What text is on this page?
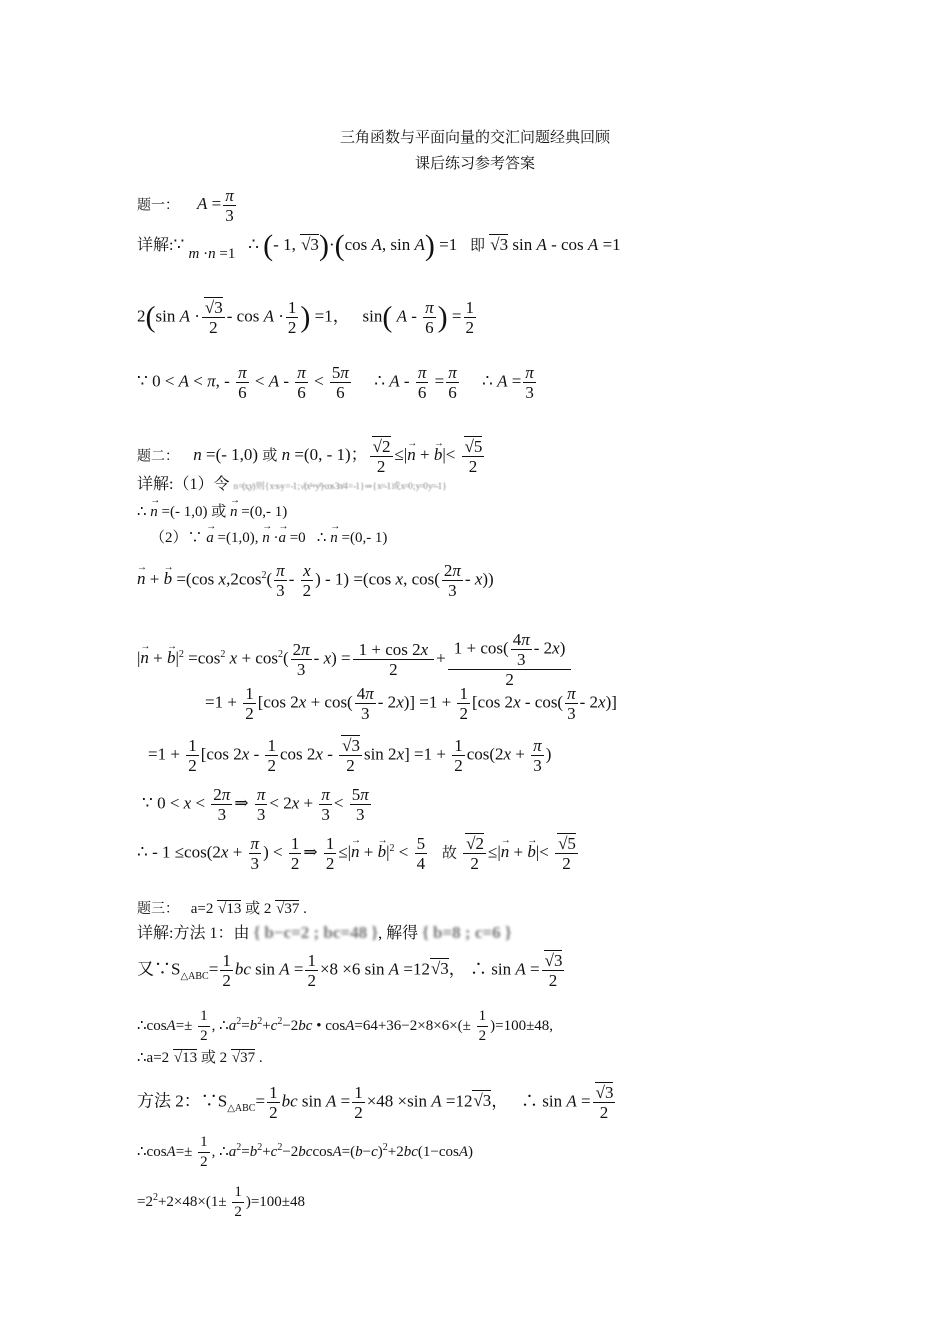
三角函数与平面向量的交汇问题经典回顾
课后练习参考答案
题一： $A = \frac{\pi}{3}$
详解:∵ m ·n =1   ∴ (- 1, √3)·(cos A, sin A) =1   即 √3 sin A - cos A =1
2(sin $A \cdot \frac{√3}{2} - \cos A \cdot \frac{1}{2}$ ) =1，   sin( A - $\frac{\pi}{6}$ ) = $\frac{1}{2}$
∵ 0 < A < π, - $\frac{\pi}{6} < A - \frac{\pi}{6} < \frac{5\pi}{6}$ ∴ $A - \frac{\pi}{6} = \frac{\pi}{6}$ ∴ $A = \frac{\pi}{3}$
题二： n =(- 1,0) 或 n =(0, - 1)； $\frac{√2}{2}$ ≤|→ n + → $b|< \frac{√5}{2}$
详解:（1）令 n =(x,y) 则 { x·x-y = -1 ; √(x²+y²)·cos 3π/4 = -1 } ⇒ { x=-1 或 x=0 ; y=0 y=-1 }
∴ → n =(- 1,0) 或 → n =(0,- 1)
（2）∵ → a =(1,0), → n ·→ a =0   ∴ → n =(0,- 1)
→ n + → b =(cos $x,2\cos^2( \frac{\pi}{3} - \frac{x}{2}$ ) - 1) =(cos x, $\cos( \frac{2\pi}{3} - x)$)
|→ n + → $b|^2 =\cos^2$ $x + \cos^2( \frac{2\pi}{3} - x) = \frac{1 + \cos 2x}{2} + \frac{1 + \cos( \frac{4\pi}{3} - 2x)}{2}$
$=1 + \frac{1}{2} [\cos$ $2x + \cos( \frac{4\pi}{3} - 2x)] =1 + \frac{1}{2} [\cos$ $2x - \cos( \frac{\pi}{3} - 2x)$]
$=1 + \frac{1}{2} [\cos$ $2x - \frac{1}{2}$ $\cos 2x - \frac{√3}{2}$ $\sin 2x] =1 + \frac{1}{2} \cos(2x + \frac{\pi}{3}$ )
∵ $0 < x < \frac{2\pi}{3}$ ⇒ $\frac{\pi}{3} < 2x + \frac{\pi}{3} < \frac{5\pi}{3}$
∴ - $1 \le\cos(2x + \frac{\pi}{3}$ ) < $\frac{1}{2}$ ⇒ $\frac{1}{2}$ ≤|→ n + → $b|^2 < \frac{5}{4}$ 故 $\frac{√2}{2}$ ≤|→ n + → $b|< \frac{√5}{2}$
题三： a=2 √13 或 2 √37 .
详解:方法 1：由 { b−c=2 ; bc=48 }, 解得 { b=8 ; c=6 }
又$\because S_{\triangle ABC}= \frac{1}{2}$ bc $\sin A = \frac{1}{2} \times 8 \times 6$ sin A =12√3， ∴ $\sin A = \frac{√3}{2}$
∴cosA=± $\frac{1}{2}$ , $\therefore a^2=b^2+c^2-2bc$ • $\cos A=64+36-2\times 8\times 6\times(\pm \frac{1}{2} )=100\pm 48$,
∴a=2 √13 或 2 √37 .
方法 2：$\because S_{\triangle ABC}= \frac{1}{2}$ bc $\sin A = \frac{1}{2} \times 48 \times\sin$ A =12√3，   ∴ $\sin A = \frac{√3}{2}$
∴cosA=± $\frac{1}{2}$ , $\therefore a^2=b^2+c^2-2bccosA=(b-c)^2+2bc(1-\cos A)$
$=2^2+2\times 48\times(1\pm \frac{1}{2} )=100\pm 48$
